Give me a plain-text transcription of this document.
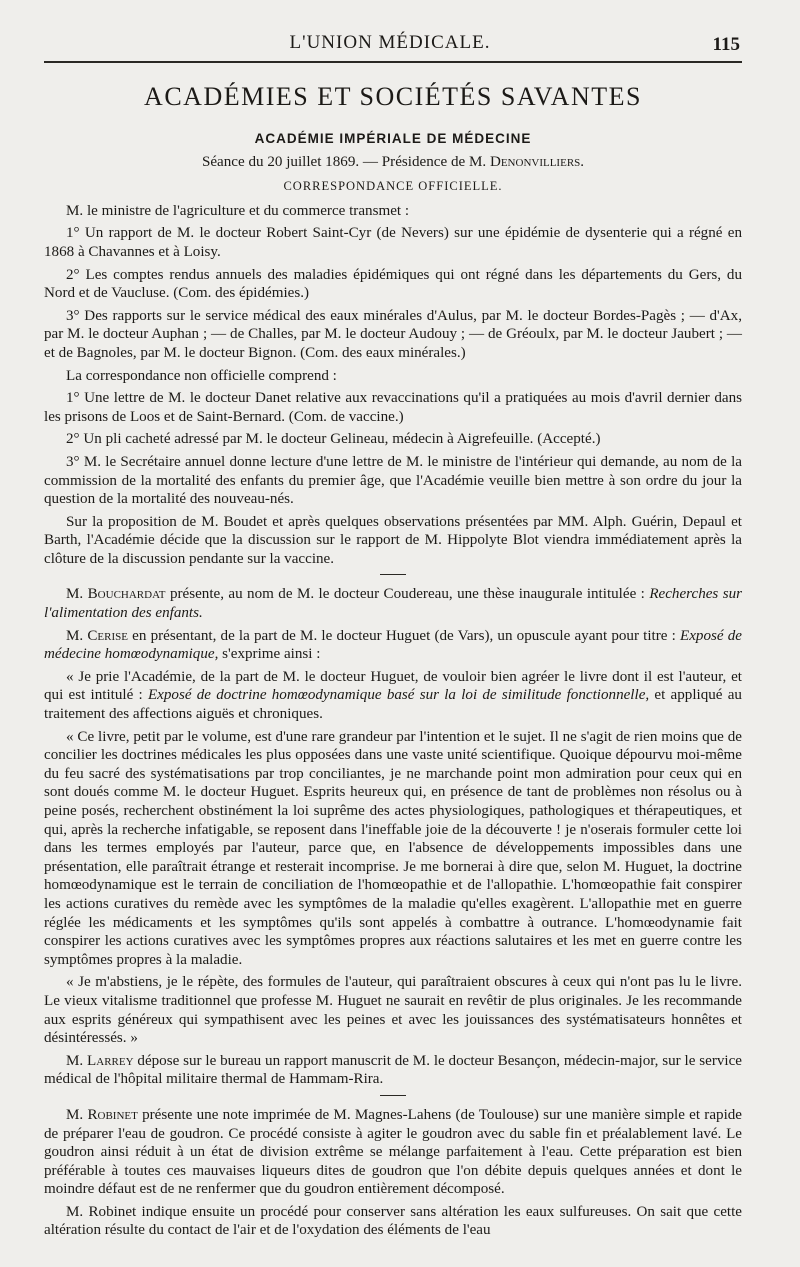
L'UNION MÉDICALE.	115
ACADÉMIES ET SOCIÉTÉS SAVANTES
ACADÉMIE IMPÉRIALE DE MÉDECINE
Séance du 20 juillet 1869. — Présidence de M. Denonvilliers.
CORRESPONDANCE OFFICIELLE.

M. le ministre de l'agriculture et du commerce transmet :

1° Un rapport de M. le docteur Robert Saint-Cyr (de Nevers) sur une épidémie de dysenterie qui a régné en 1868 à Chavannes et à Loisy.

2° Les comptes rendus annuels des maladies épidémiques qui ont régné dans les départements du Gers, du Nord et de Vaucluse. (Com. des épidémies.)

3° Des rapports sur le service médical des eaux minérales d'Aulus, par M. le docteur Bordes-Pagès ; — d'Ax, par M. le docteur Auphan ; — de Challes, par M. le docteur Audouy ; — de Gréoulx, par M. le docteur Jaubert ; — et de Bagnoles, par M. le docteur Bignon. (Com. des eaux minérales.)

La correspondance non officielle comprend :

1° Une lettre de M. le docteur Danet relative aux revaccinations qu'il a pratiquées au mois d'avril dernier dans les prisons de Loos et de Saint-Bernard. (Com. de vaccine.)

2° Un pli cacheté adressé par M. le docteur Gelineau, médecin à Aigrefeuille. (Accepté.)

3° M. le Secrétaire annuel donne lecture d'une lettre de M. le ministre de l'intérieur qui demande, au nom de la commission de la mortalité des enfants du premier âge, que l'Académie veuille bien mettre à son ordre du jour la question de la mortalité des nouveau-nés.

Sur la proposition de M. Boudet et après quelques observations présentées par MM. Alph. Guérin, Depaul et Barth, l'Académie décide que la discussion sur le rapport de M. Hippolyte Blot viendra immédiatement après la clôture de la discussion pendante sur la vaccine.

M. Bouchardat présente, au nom de M. le docteur Coudereau, une thèse inaugurale intitulée : Recherches sur l'alimentation des enfants.

M. Cerise en présentant, de la part de M. le docteur Huguet (de Vars), un opuscule ayant pour titre : Exposé de médecine homœodynamique, s'exprime ainsi :

« Je prie l'Académie, de la part de M. le docteur Huguet, de vouloir bien agréer le livre dont il est l'auteur, et qui est intitulé : Exposé de doctrine homœodynamique basé sur la loi de similitude fonctionnelle, et appliqué au traitement des affections aiguës et chroniques.

« Ce livre, petit par le volume, est d'une rare grandeur par l'intention et le sujet. Il ne s'agit de rien moins que de concilier les doctrines médicales les plus opposées dans une vaste unité scientifique. Quoique dépourvu moi-même du feu sacré des systématisations par trop conciliantes, je ne marchande point mon admiration pour ceux qui en sont doués comme M. le docteur Huguet. Esprits heureux qui, en présence de tant de problèmes non résolus ou à peine posés, recherchent obstinément la loi suprême des actes physiologiques, pathologiques et thérapeutiques, et qui, après la recherche infatigable, se reposent dans l'ineffable joie de la découverte ! je n'oserais formuler cette loi dans les termes employés par l'auteur, parce que, en l'absence de développements impossibles dans une présentation, elle paraîtrait étrange et resterait incomprise. Je me bornerai à dire que, selon M. Huguet, la doctrine homœodynamique est le terrain de conciliation de l'homœopathie et de l'allopathie. L'homœopathie fait conspirer les actions curatives du remède avec les symptômes de la maladie qu'elles exagèrent. L'allopathie met en guerre réglée les médicaments et les symptômes qu'ils sont appelés à combattre à outrance. L'homœodynamie fait conspirer les actions curatives avec les symptômes propres aux réactions salutaires et les met en guerre contre les symptômes propres à la maladie.

« Je m'abstiens, je le répète, des formules de l'auteur, qui paraîtraient obscures à ceux qui n'ont pas lu le livre. Le vieux vitalisme traditionnel que professe M. Huguet ne saurait en revêtir de plus originales. Je les recommande aux esprits généreux qui sympathisent avec les peines et avec les jouissances des systématisateurs honnêtes et désintéressés. »

M. Larrey dépose sur le bureau un rapport manuscrit de M. le docteur Besançon, médecin-major, sur le service médical de l'hôpital militaire thermal de Hammam-Rira.

M. Robinet présente une note imprimée de M. Magnes-Lahens (de Toulouse) sur une manière simple et rapide de préparer l'eau de goudron. Ce procédé consiste à agiter le goudron avec du sable fin et préalablement lavé. Le goudron ainsi réduit à un état de division extrême se mélange parfaitement à l'eau. Cette préparation est bien préférable à toutes ces mauvaises liqueurs dites de goudron que l'on débite depuis quelques années et dont le moindre défaut est de ne renfermer que du goudron entièrement décomposé.

M. Robinet indique ensuite un procédé pour conserver sans altération les eaux sulfureuses. On sait que cette altération résulte du contact de l'air et de l'oxydation des éléments de l'eau
